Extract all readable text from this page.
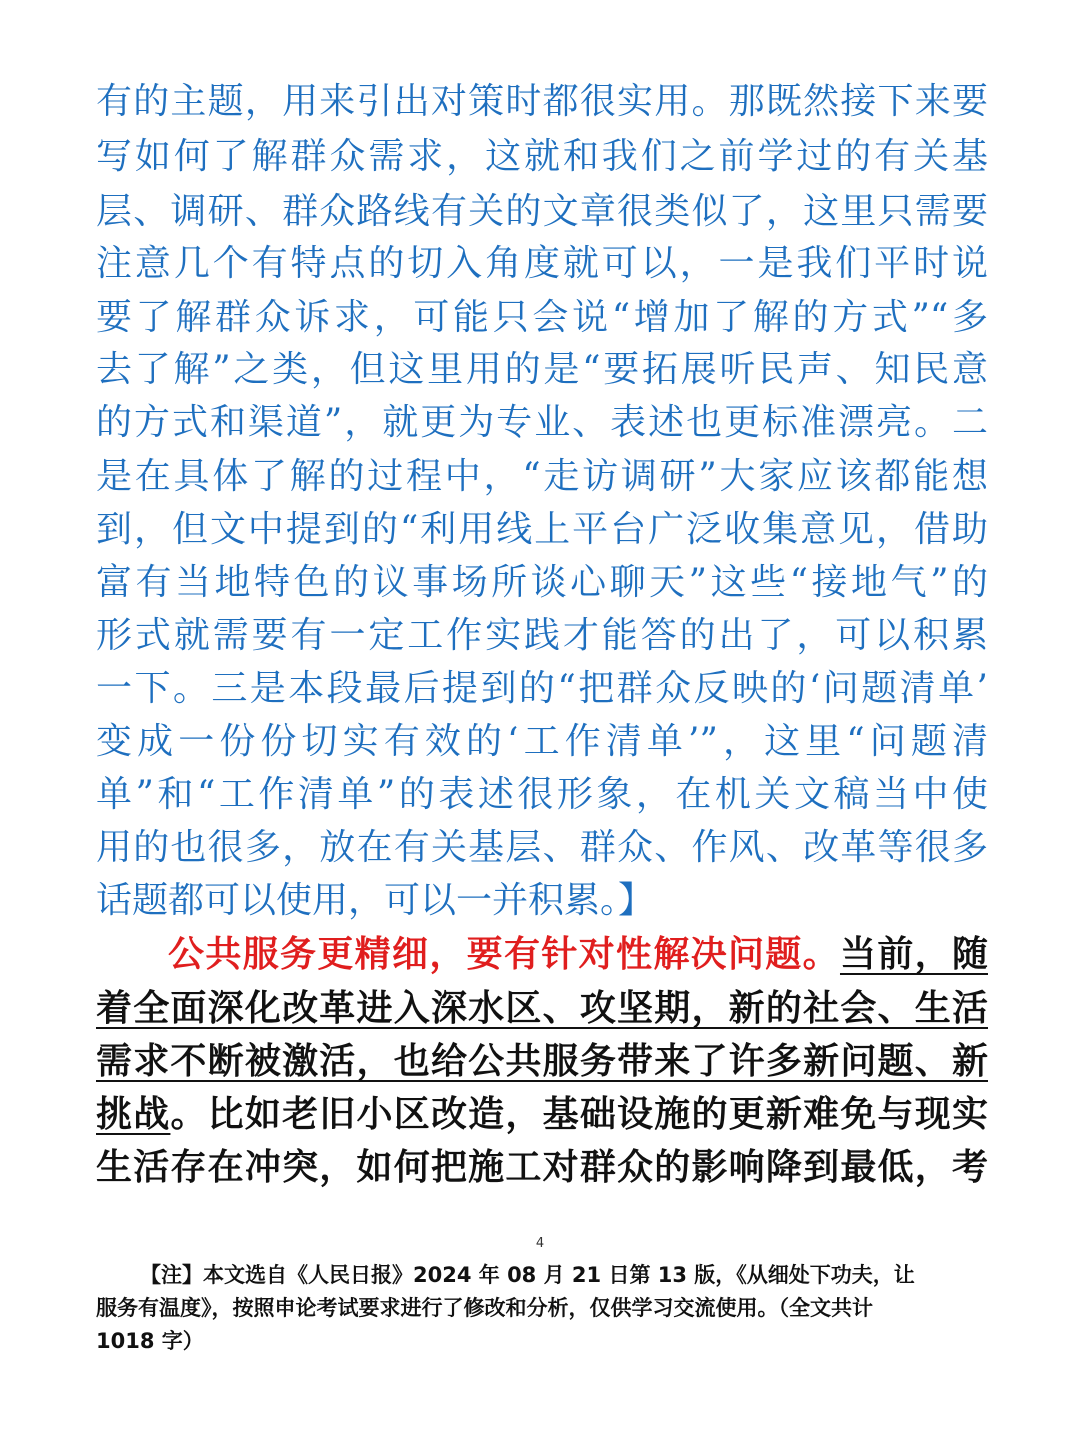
有的主题，用来引出对策时都很实用。那既然接下来要
写如何了解群众需求，这就和我们之前学过的有关基
层、调研、群众路线有关的文章很类似了，这里只需要
注意几个有特点的切入角度就可以，一是我们平时说
要了解群众诉求，可能只会说“增加了解的方式”“多
去了解”之类，但这里用的是“要拓展听民声、知民意
的方式和渠道”，就更为专业、表述也更标准漂亮。二
是在具体了解的过程中，“走访调研”大家应该都能想
到，但文中提到的“利用线上平台广泛收集意见，借助
富有当地特色的议事场所谈心聊天”这些“接地气”的
形式就需要有一定工作实践才能答的出了，可以积累
一下。三是本段最后提到的“把群众反映的‘问题清单’
变成一份份切实有效的‘工作清单’”，这里“问题清
单”和“工作清单”的表述很形象，在机关文稿当中使
用的也很多，放在有关基层、群众、作风、改革等很多
话题都可以使用，可以一并积累。】
公共服务更精细，要有针对性解决问题。当前，随
着全面深化改革进入深水区、攻坚期，新的社会、生活
需求不断被激活，也给公共服务带来了许多新问题、新
挑战。比如老旧小区改造，基础设施的更新难免与现实
生活存在冲突，如何把施工对群众的影响降到最低，考
4
【注】本文选自《人民日报》2024 年 08 月 21 日第 13 版，《从细处下功夫，让
服务有温度》，按照申论考试要求进行了修改和分析，仅供学习交流使用。（全文共计
1018 字）
